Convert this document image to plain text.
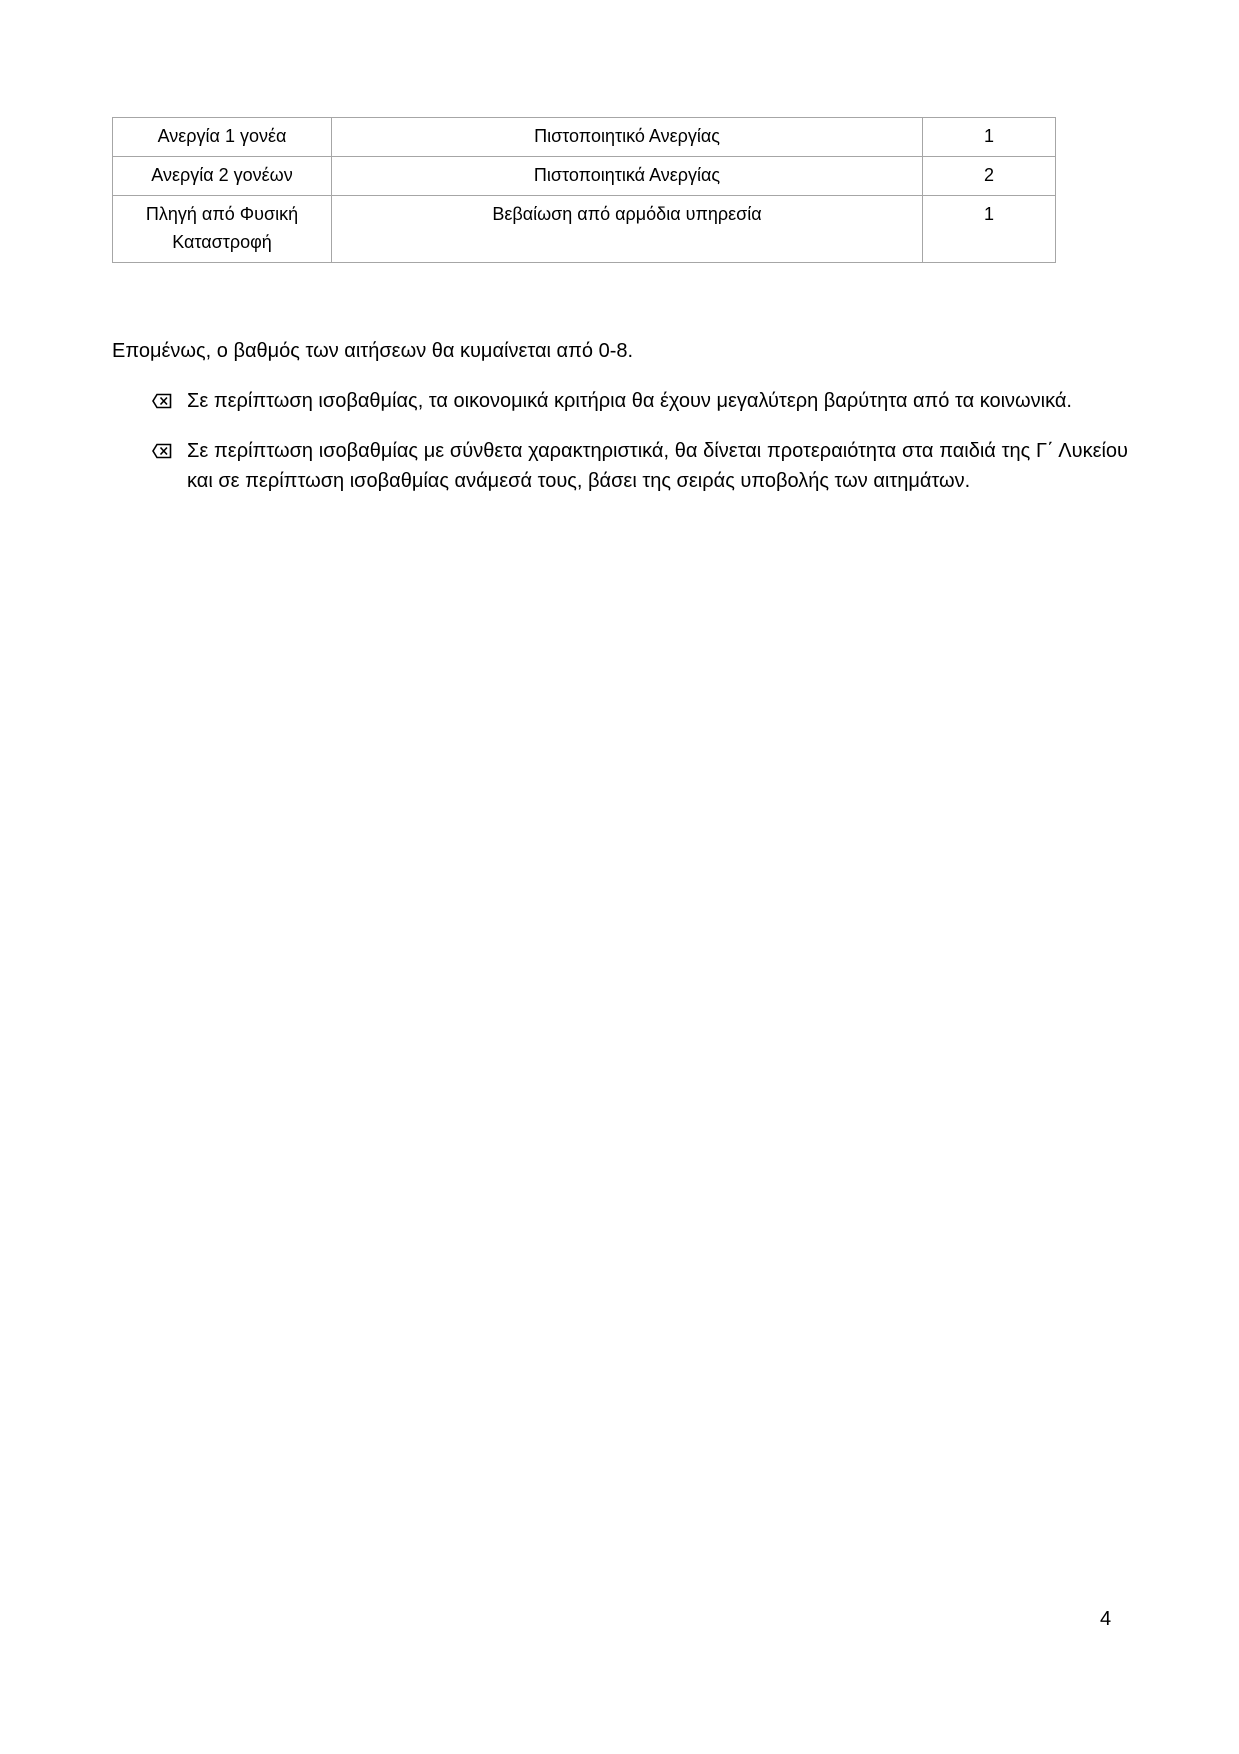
Ανεργία 1 γονέα	Πιστοποιητικό Ανεργίας	1
Ανεργία 2 γονέων	Πιστοποιητικά Ανεργίας	2
Πληγή από Φυσική Καταστροφή	Βεβαίωση από αρμόδια υπηρεσία	1

Επομένως, ο βαθμός των αιτήσεων θα κυμαίνεται από 0-8.

Σε περίπτωση ισοβαθμίας, τα οικονομικά κριτήρια θα έχουν μεγαλύτερη βαρύτητα από τα κοινωνικά.
Σε περίπτωση ισοβαθμίας με σύνθετα χαρακτηριστικά, θα δίνεται προτεραιότητα στα παιδιά της Γ΄ Λυκείου και σε περίπτωση ισοβαθμίας ανάμεσά τους, βάσει της σειράς υποβολής των αιτημάτων.

4
